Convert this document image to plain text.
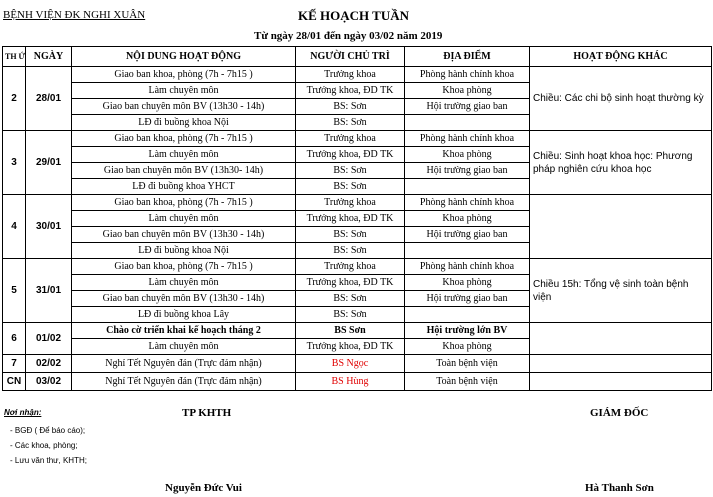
BỆNH VIỆN ĐK NGHI XUÂN	KẾ HOẠCH TUẦN
Từ ngày 28/01 đến ngày 03/02 năm 2019
TH Ứ	NGÀY	NỘI DUNG HOẠT ĐỘNG	NGƯỜI CHỦ TRÌ	ĐỊA ĐIỂM	HOẠT ĐỘNG KHÁC
2	28/01	Giao ban khoa, phòng (7h - 7h15 )	Trưởng khoa	Phòng hành chính khoa	Chiều: Các chi bộ sinh hoạt thường kỳ
		Làm chuyên môn	Trưởng khoa, ĐD TK	Khoa phòng	
		Giao ban chuyên môn BV (13h30 - 14h)	BS: Sơn	Hội trường giao ban	
		LĐ đi buồng khoa Nội	BS: Sơn		
3	29/01	Giao ban khoa, phòng (7h - 7h15 )	Trưởng khoa	Phòng hành chính khoa	Chiều: Sinh hoạt khoa học: Phương pháp nghiên cứu khoa học
		Làm chuyên môn	Trưởng khoa, ĐD TK	Khoa phòng	
		Giao ban chuyên môn BV (13h30- 14h)	BS: Sơn	Hội trường giao ban	
		LĐ đi buồng khoa YHCT	BS: Sơn		
4	30/01	Giao ban khoa, phòng (7h - 7h15 )	Trưởng khoa	Phòng hành chính khoa	
		Làm chuyên môn	Trưởng khoa, ĐD TK	Khoa phòng	
		Giao ban chuyên môn BV (13h30 - 14h)	BS: Sơn	Hội trường giao ban	
		LĐ đi buồng khoa Nội	BS: Sơn		
5	31/01	Giao ban khoa, phòng (7h - 7h15 )	Trưởng khoa	Phòng hành chính khoa	Chiều 15h: Tổng vệ sinh toàn bệnh viện
		Làm chuyên môn	Trưởng khoa, ĐD TK	Khoa phòng	
		Giao ban chuyên môn BV (13h30 - 14h)	BS: Sơn	Hội trường giao ban	
		LĐ đi buồng khoa Lây	BS: Sơn		
6	01/02	Chào cờ triển khai kế hoạch tháng 2	BS Sơn	Hội trường lớn BV	
		Làm chuyên môn	Trưởng khoa, ĐD TK	Khoa phòng	
7	02/02	Nghỉ Tết Nguyên đán (Trực đảm nhận)	BS Ngọc	Toàn bệnh viện	
CN	03/02	Nghỉ Tết Nguyên đán (Trực đảm nhận)	BS Hùng	Toàn bệnh viện	
Nơi nhận:
- BGĐ ( Để báo cáo);
- Các khoa, phòng;
- Lưu văn thư, KHTH;
TP KHTH
Nguyễn Đức Vui
GIÁM ĐỐC
Hà Thanh Sơn
